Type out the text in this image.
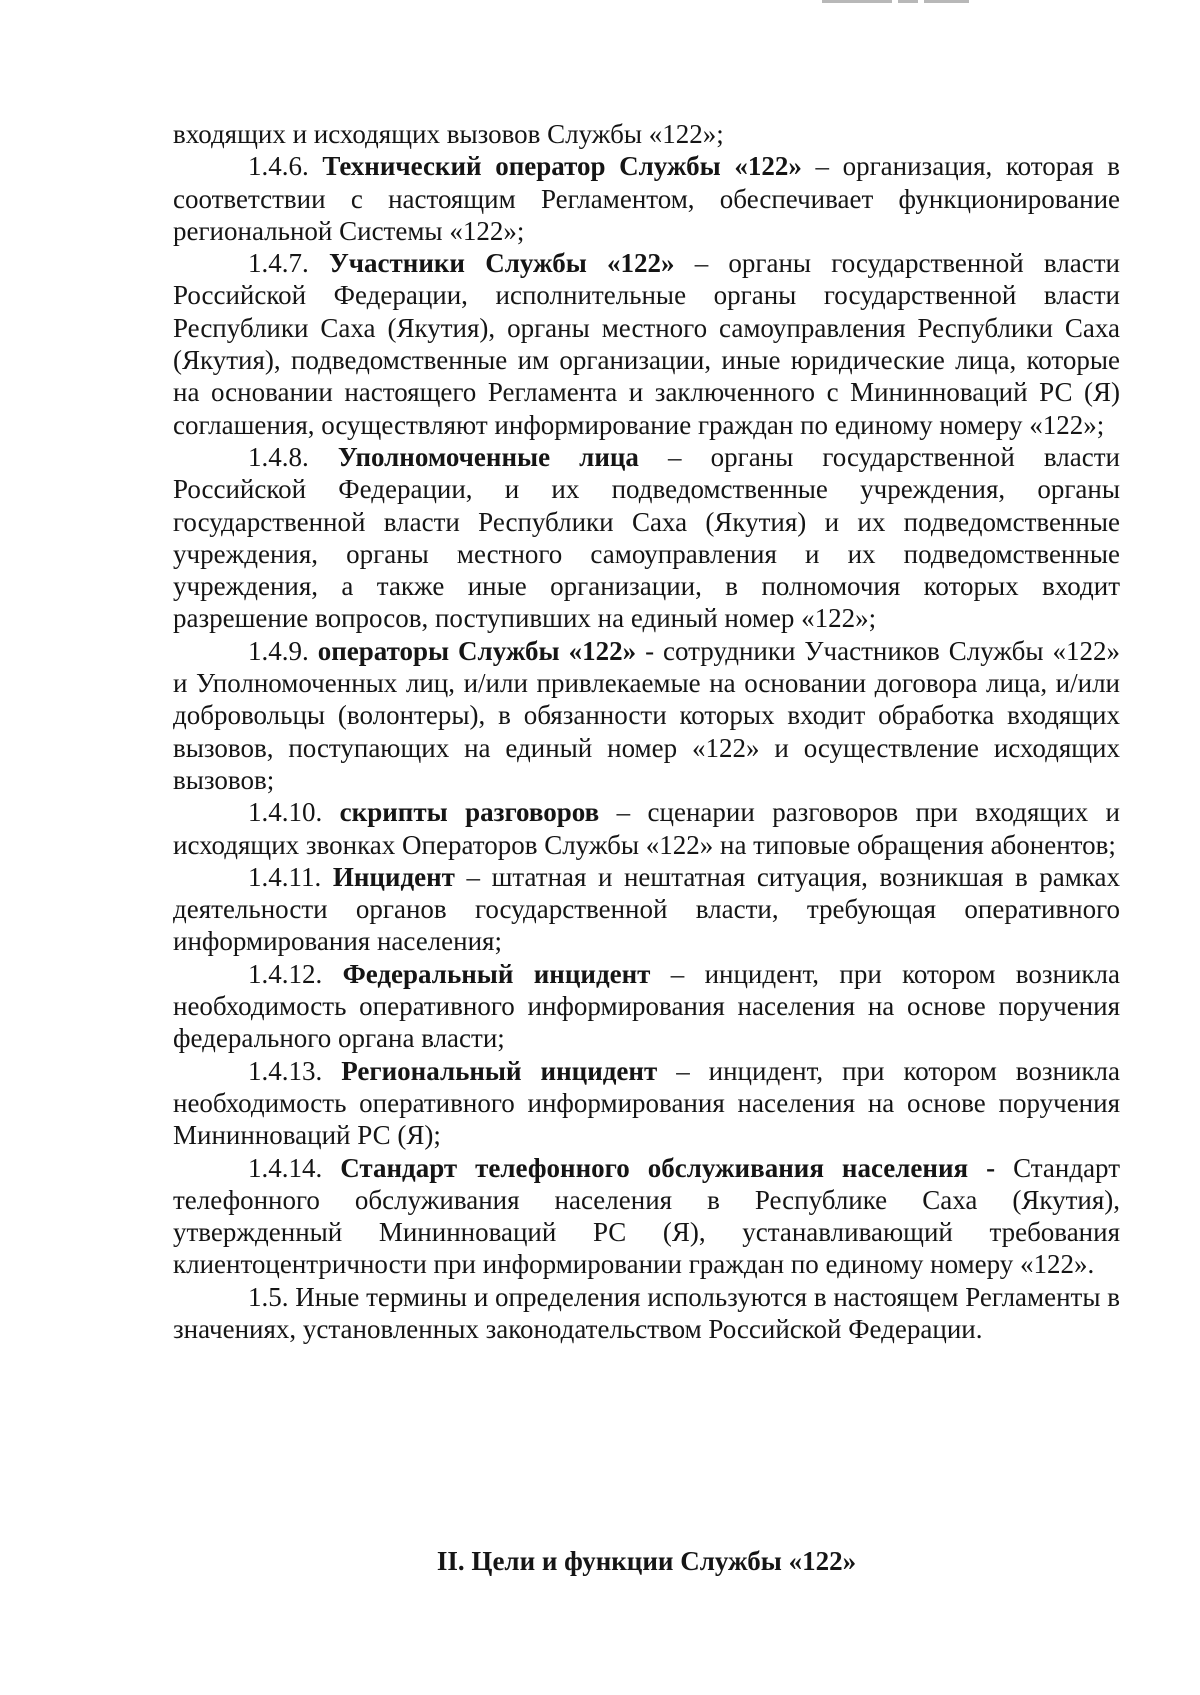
входящих и исходящих вызовов Службы «122»;

1.4.6. Технический оператор Службы «122» – организация, которая в соответствии с настоящим Регламентом, обеспечивает функционирование региональной Системы «122»;

1.4.7. Участники Службы «122» – органы государственной власти Российской Федерации, исполнительные органы государственной власти Республики Саха (Якутия), органы местного самоуправления Республики Саха (Якутия), подведомственные им организации, иные юридические лица, которые на основании настоящего Регламента и заключенного с Мининноваций РС (Я) соглашения, осуществляют информирование граждан по единому номеру «122»;

1.4.8. Уполномоченные лица – органы государственной власти Российской Федерации, и их подведомственные учреждения, органы государственной власти Республики Саха (Якутия) и их подведомственные учреждения, органы местного самоуправления и их подведомственные учреждения, а также иные организации, в полномочия которых входит разрешение вопросов, поступивших на единый номер «122»;

1.4.9. операторы Службы «122» - сотрудники Участников Службы «122» и Уполномоченных лиц, и/или привлекаемые на основании договора лица, и/или добровольцы (волонтеры), в обязанности которых входит обработка входящих вызовов, поступающих на единый номер «122» и осуществление исходящих вызовов;

1.4.10. скрипты разговоров – сценарии разговоров при входящих и исходящих звонках Операторов Службы «122» на типовые обращения абонентов;

1.4.11. Инцидент – штатная и нештатная ситуация, возникшая в рамках деятельности органов государственной власти, требующая оперативного информирования населения;

1.4.12. Федеральный инцидент – инцидент, при котором возникла необходимость оперативного информирования населения на основе поручения федерального органа власти;

1.4.13. Региональный инцидент – инцидент, при котором возникла необходимость оперативного информирования населения на основе поручения Мининноваций РС (Я);

1.4.14. Стандарт телефонного обслуживания населения - Стандарт телефонного обслуживания населения в Республике Саха (Якутия), утвержденный Мининноваций РС (Я), устанавливающий требования клиентоцентричности при информировании граждан по единому номеру «122».

1.5. Иные термины и определения используются в настоящем Регламенты в значениях, установленных законодательством Российской Федерации.

II. Цели и функции Службы «122»
